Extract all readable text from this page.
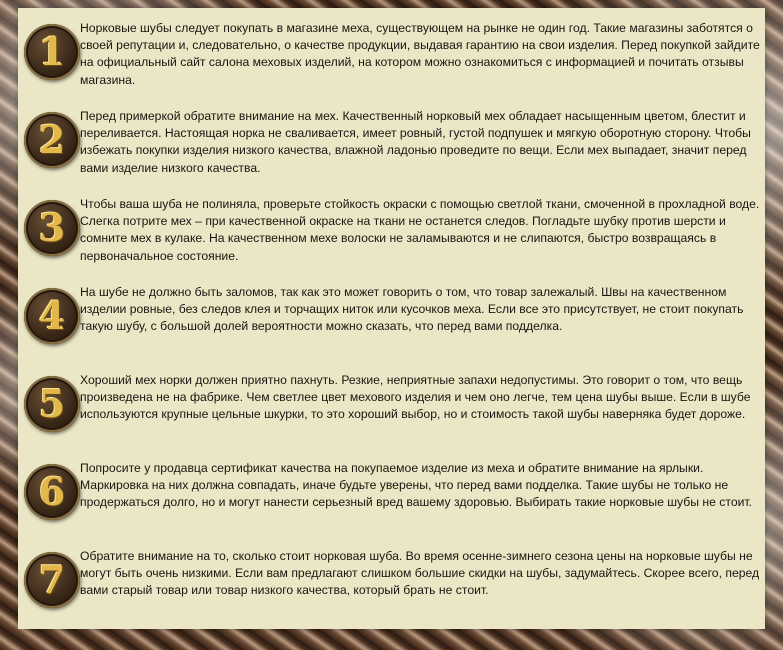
1

Норковые шубы следует покупать в магазине меха, существующем на рынке не один год. Такие магазины заботятся о своей репутации и, следовательно, о качестве продукции, выдавая гарантию на свои изделия. Перед покупкой зайдите на официальный сайт салона меховых изделий, на котором можно ознакомиться с информацией и почитать отзывы магазина.

2

Перед примеркой обратите внимание на мех. Качественный норковый мех обладает насыщенным цветом, блестит и переливается. Настоящая норка не сваливается, имеет ровный, густой подпушек и мягкую оборотную сторону. Чтобы избежать покупки изделия низкого качества, влажной ладонью проведите по вещи. Если мех выпадает, значит перед вами изделие низкого качества.

3

Чтобы ваша шуба не полиняла, проверьте стойкость окраски с помощью светлой ткани, смоченной в прохладной воде. Слегка потрите мех – при качественной окраске на ткани не останется следов. Погладьте шубку против шерсти и сомните мех в кулаке. На качественном мехе волоски не заламываются и не слипаются, быстро возвращаясь в первоначальное состояние.

4

На шубе не должно быть заломов, так как это может говорить о том, что товар залежалый. Швы на качественном изделии ровные, без следов клея и торчащих ниток или кусочков меха. Если все это присутствует, не стоит покупать такую шубу, с большой долей вероятности можно сказать, что перед вами подделка.

5

Хороший мех норки должен приятно пахнуть. Резкие, неприятные запахи недопустимы. Это говорит о том, что вещь произведена не на фабрике. Чем светлее цвет мехового изделия и чем оно легче, тем цена шубы выше. Если в шубе используются крупные цельные шкурки, то это хороший выбор, но и стоимость такой шубы наверняка будет дороже.

6

Попросите у продавца сертификат качества на покупаемое изделие из меха и обратите внимание на ярлыки. Маркировка на них должна совпадать, иначе будьте уверены, что перед вами подделка. Такие шубы не только не продержаться долго, но и могут нанести серьезный вред вашему здоровью. Выбирать такие норковые шубы не стоит.

7

Обратите внимание на то, сколько стоит норковая шуба. Во время осенне-зимнего сезона цены на норковые шубы не могут быть очень низкими. Если вам предлагают слишком большие скидки на шубы, задумайтесь. Скорее всего, перед вами старый товар или товар низкого качества, который брать не стоит.
